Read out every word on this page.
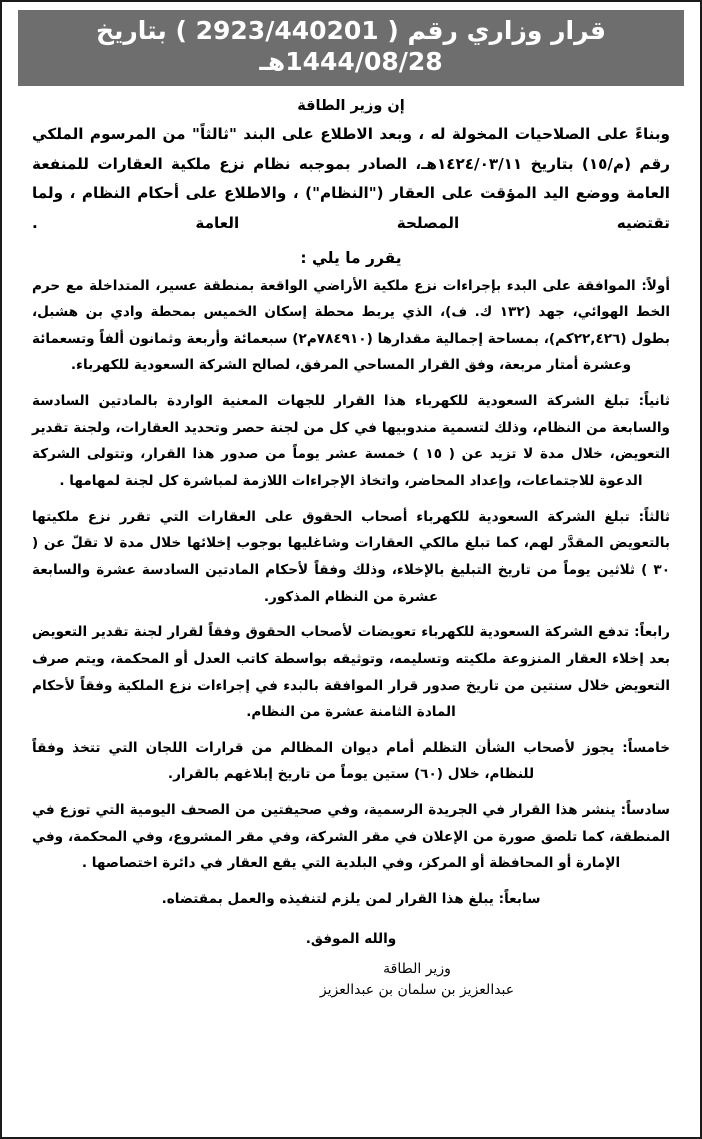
قرار وزاري رقم ( 2923/440201 ) بتاريخ 1444/08/28هـ
إن وزير الطاقة
وبناءً على الصلاحيات المخولة له ، وبعد الاطلاع على البند "ثالثاً" من المرسوم الملكي رقم (م/١٥) بتاريخ ١٤٢٤/٠٣/١١هـ، الصادر بموجبه نظام نزع ملكية العقارات للمنفعة العامة ووضع اليد المؤقت على العقار ("النظام") ، والاطلاع على أحكام النظام ، ولما تقتضيه المصلحة العامة .
يقرر ما يلي :
أولاً: الموافقة على البدء بإجراءات نزع ملكية الأراضي الواقعة بمنطقة عسير، المتداخلة مع حرم الخط الهوائي، جهد (١٣٢ ك. ف)، الذي يربط محطة إسكان الخميس بمحطة وادي بن هشبل، بطول (٢٢,٤٢٦كم)، بمساحة إجمالية مقدارها (٧٨٤٩١٠م٢) سبعمائة وأربعة وثمانون ألفاً وتسعمائة وعشرة أمتار مربعة، وفق القرار المساحي المرفق، لصالح الشركة السعودية للكهرباء.
ثانياً: تبلغ الشركة السعودية للكهرباء هذا القرار للجهات المعنية الواردة بالمادتين السادسة والسابعة من النظام، وذلك لتسمية مندوبيها في كل من لجنة حصر وتحديد العقارات، ولجنة تقدير التعويض، خلال مدة لا تزيد عن ( ١٥ ) خمسة عشر يوماً من صدور هذا القرار، وتتولى الشركة الدعوة للاجتماعات، وإعداد المحاضر، واتخاذ الإجراءات اللازمة لمباشرة كل لجنة لمهامها .
ثالثاً: تبلغ الشركة السعودية للكهرباء أصحاب الحقوق على العقارات التي تقرر نزع ملكيتها بالتعويض المقدَّر لهم، كما تبلغ مالكي العقارات وشاغليها بوجوب إخلائها خلال مدة لا تقلّ عن ( ٣٠ ) ثلاثين يوماً من تاريخ التبليغ بالإخلاء، وذلك وفقاً لأحكام المادتين السادسة عشرة والسابعة عشرة من النظام المذكور.
رابعاً: تدفع الشركة السعودية للكهرباء تعويضات لأصحاب الحقوق وفقاً لقرار لجنة تقدير التعويض بعد إخلاء العقار المنزوعة ملكيته وتسليمه، وتوثيقه بواسطة كاتب العدل أو المحكمة، ويتم صرف التعويض خلال سنتين من تاريخ صدور قرار الموافقة بالبدء في إجراءات نزع الملكية وفقاً لأحكام المادة الثامنة عشرة من النظام.
خامساً: يجوز لأصحاب الشأن التظلم أمام ديوان المظالم من قرارات اللجان التي تتخذ وفقاً للنظام، خلال (٦٠) ستين يوماً من تاريخ إبلاغهم بالقرار.
سادساً: ينشر هذا القرار في الجريدة الرسمية، وفي صحيفتين من الصحف اليومية التي توزع في المنطقة، كما تلصق صورة من الإعلان في مقر الشركة، وفي مقر المشروع، وفي المحكمة، وفي الإمارة أو المحافظة أو المركز، وفي البلدية التي يقع العقار في دائرة اختصاصها .
سابعاً: يبلغ هذا القرار لمن يلزم لتنفيذه والعمل بمقتضاه.
والله الموفق.
وزير الطاقة
عبدالعزيز بن سلمان بن عبدالعزيز
